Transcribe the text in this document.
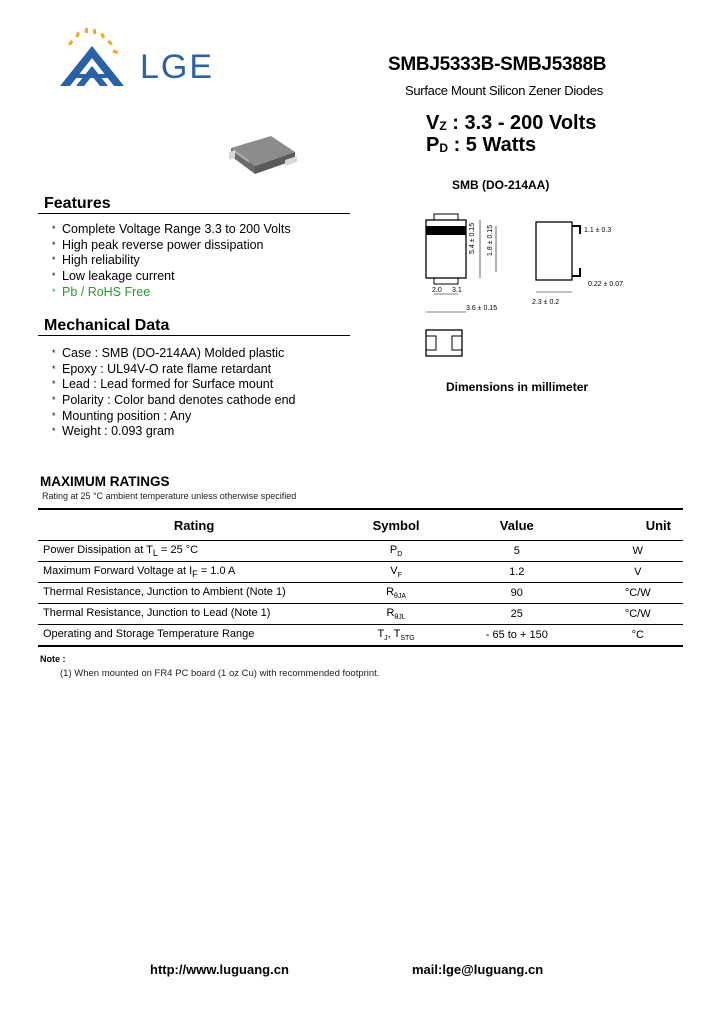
LGE	SMBJ5333B-SMBJ5388B
Surface Mount Silicon Zener Diodes
$V_Z$ : 3.3 - 200 Volts
$P_D$ : 5 Watts
SMB (DO-214AA)
5.4 ± 0.15 1.8 ± 0.15
2.0 3.1
3.6 ± 0.15
1.1 ± 0.3
0.22 ± 0.07
2.3 ± 0.2
Dimensions in millimeter
Features
* Complete Voltage Range 3.3 to 200 Volts
* High peak reverse power dissipation
* High reliability
* Low leakage current
* Pb / RoHS Free
Mechanical Data
* Case : SMB (DO-214AA) Molded plastic
* Epoxy : UL94V-O rate flame retardant
* Lead : Lead formed for Surface mount
* Polarity : Color band denotes cathode end
* Mounting position : Any
* Weight : 0.093 gram
MAXIMUM RATINGS
Rating at 25 °C ambient temperature unless otherwise specified
Rating	Symbol	Value	Unit
Power Dissipation at $T_L = 25$ °C	$P_D$	5	W
Maximum Forward Voltage at $I_F = 1.0$ A	$V_F$	1.2	V
Thermal Resistance, Junction to Ambient (Note 1)	$R_{\theta JA}$	90	°C/W
Thermal Resistance, Junction to Lead (Note 1)	$R_{\theta JL}$	25	°C/W
Operating and Storage Temperature Range	$T_J$, $T_{STG}$	- 65 to + 150	°C
Note :
(1) When mounted on FR4 PC board (1 oz Cu) with recommended footprint.
http://www.luguang.cn	mail:lge@luguang.cn
